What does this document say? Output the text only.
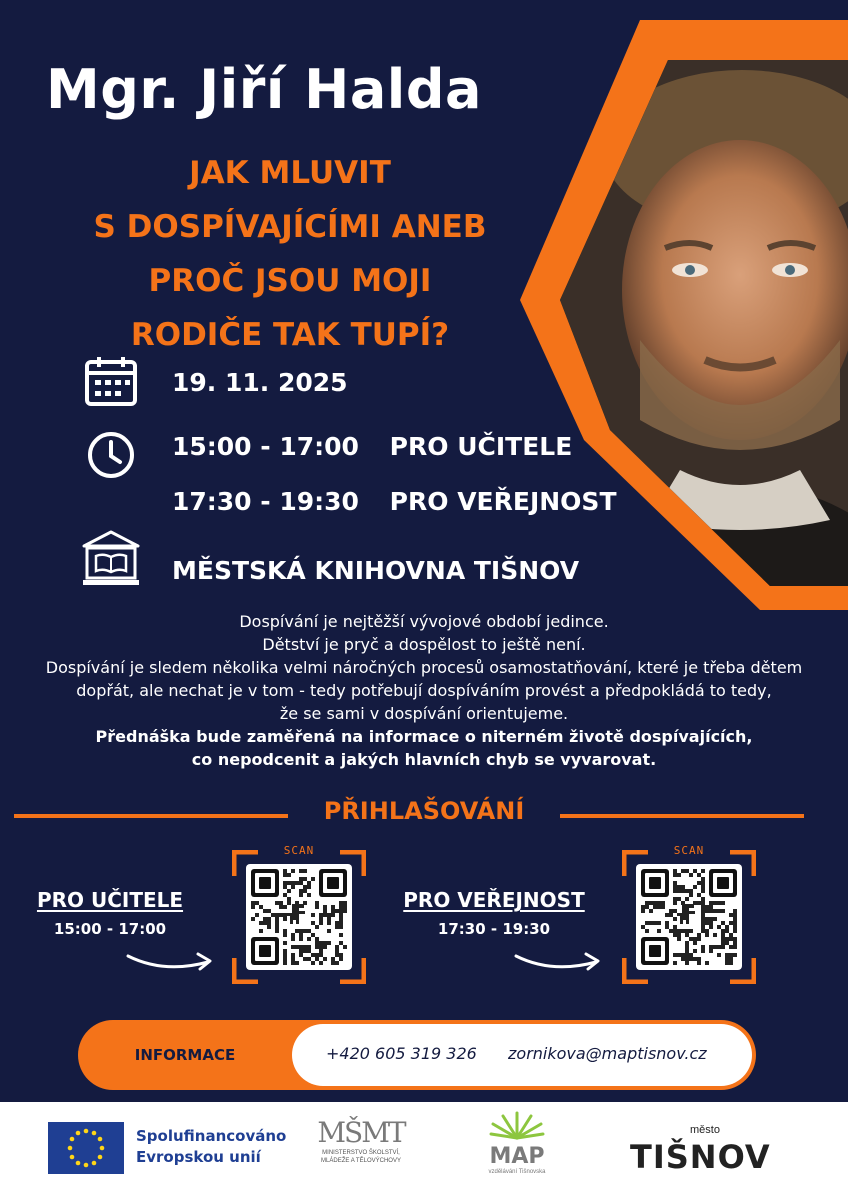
Mgr. Jiří Halda
JAK MLUVIT
S DOSPÍVAJÍCÍMI ANEB
PROČ JSOU MOJI
RODIČE TAK TUPÍ?
19. 11. 2025
15:00 - 17:00 PRO UČITELE
17:30 - 19:30 PRO VEŘEJNOST
MĚSTSKÁ KNIHOVNA TIŠNOV
Dospívání je nejtěžší vývojové období jedince.
Dětství je pryč a dospělost to ještě není.
Dospívání je sledem několika velmi náročných procesů osamostatňování, které je třeba dětem
dopřát, ale nechat je v tom - tedy potřebují dospíváním provést a předpokládá to tedy,
že se sami v dospívání orientujeme.
Přednáška bude zaměřená na informace o niterném životě dospívajících,
co nepodcenit a jakých hlavních chyb se vyvarovat.
PŘIHLAŠOVÁNÍ
PRO UČITELE
15:00 - 17:00
SCAN
PRO VEŘEJNOST
17:30 - 19:30
SCAN
INFORMACE	+420 605 319 326 zornikova@maptisnov.cz
Spolufinancováno
Evropskou unií
MŠMT
MINISTERSTVO ŠKOLSTVÍ,
MLÁDEŽE A TĚLOVÝCHOVY	MAP
vzdělávání Tišnovska
město
TIŠNOV
